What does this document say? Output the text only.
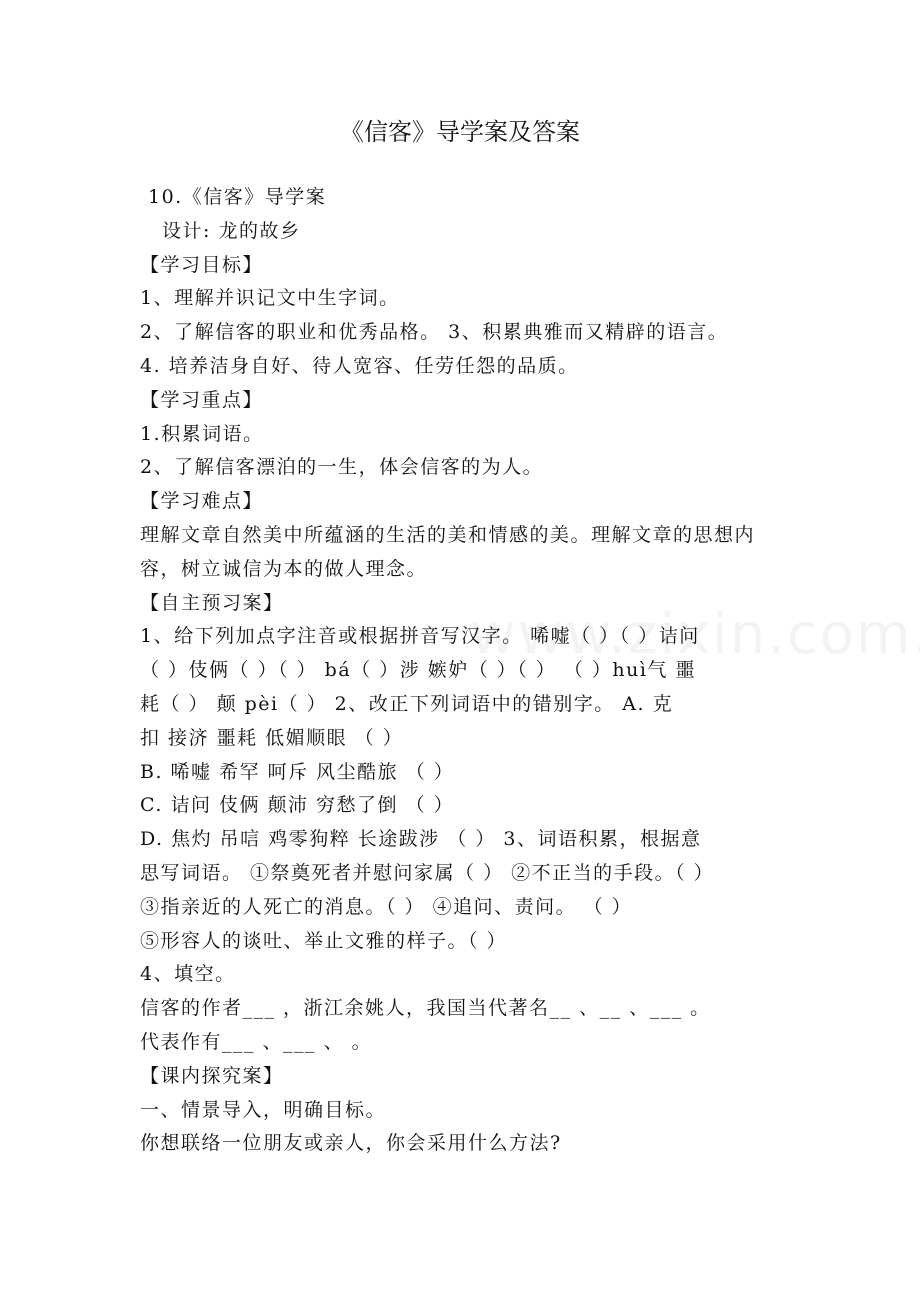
《信客》导学案及答案
10.《信客》导学案
设计: 龙的故乡
【学习目标】
1、理解并识记文中生字词。
2、了解信客的职业和优秀品格。 3、积累典雅而又精辟的语言。
4. 培养洁身自好、待人宽容、任劳任怨的品质。
【学习重点】
1.积累词语。
2、了解信客漂泊的一生，体会信客的为人。
【学习难点】
理解文章自然美中所蕴涵的生活的美和情感的美。理解文章的思想内
容，树立诚信为本的做人理念。
【自主预习案】
1、给下列加点字注音或根据拼音写汉字。 唏嘘（ ）（ ）诘问
（ ）伎俩（ ）（ ） bá（ ）涉 嫉妒（ ）（ ） （ ）huì气 噩
耗（ ） 颠 pèi（ ） 2、改正下列词语中的错别字。 A. 克
扣 接济 噩耗 低媚顺眼 （ ）
B. 唏嘘 希罕 呵斥 风尘酷旅 （ ）
C. 诘问 伎俩 颠沛 穷愁了倒 （ ）
D. 焦灼 吊唁 鸡零狗粹 长途跋涉 （ ） 3、词语积累，根据意
思写词语。 ①祭奠死者并慰问家属（ ） ②不正当的手段。（ ）
③指亲近的人死亡的消息。（ ） ④追问、责问。 （ ）
⑤形容人的谈吐、举止文雅的样子。（ ）
4、填空。
信客的作者___ ，浙江余姚人，我国当代著名__ 、__ 、___ 。
代表作有___ 、___ 、 。
【课内探究案】
一、情景导入，明确目标。
你想联络一位朋友或亲人，你会采用什么方法?
